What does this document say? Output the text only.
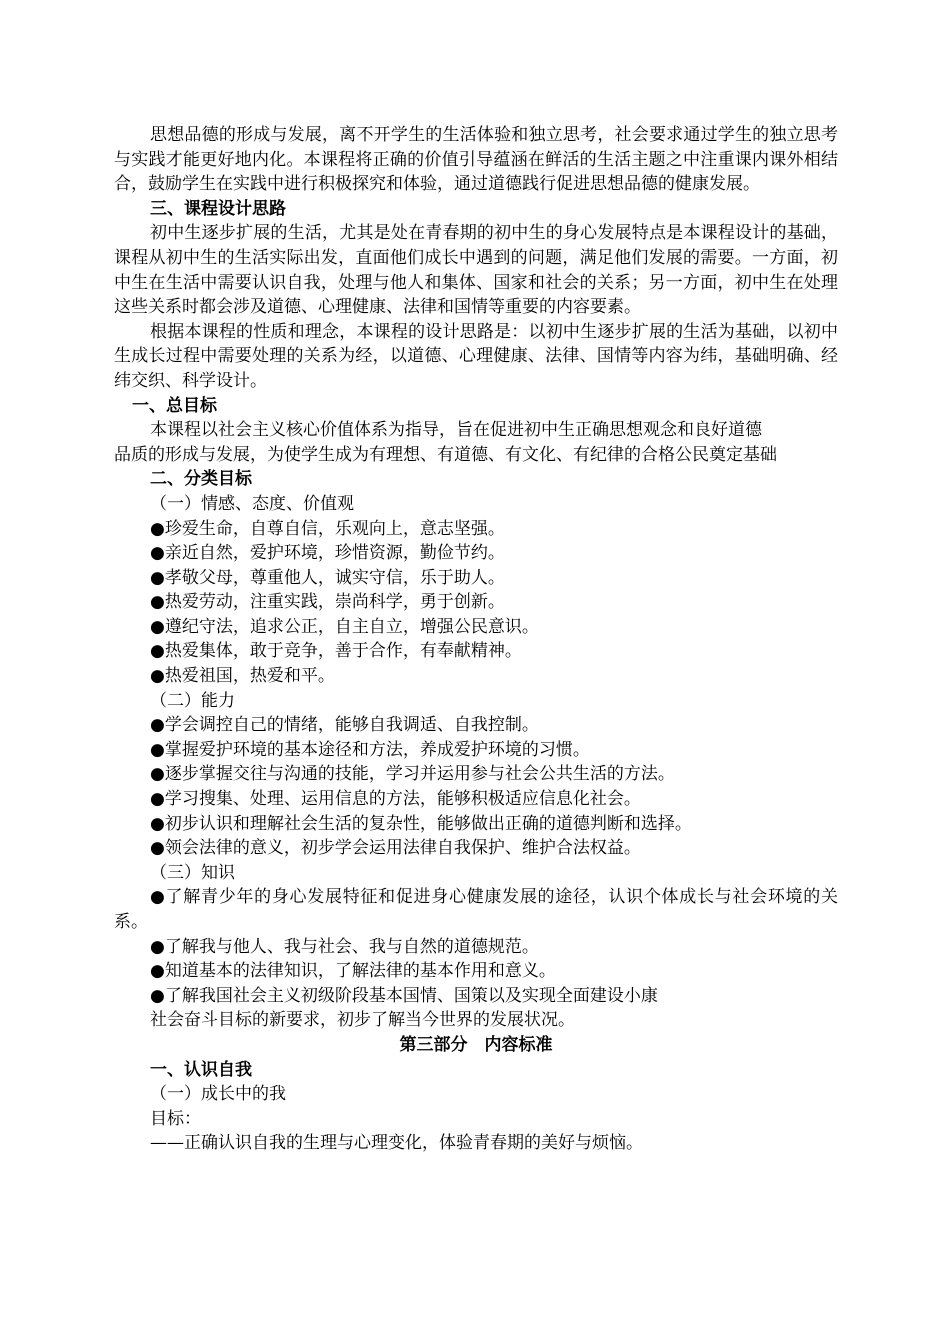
思想品德的形成与发展，离不开学生的生活体验和独立思考，社会要求通过学生的独立思考与实践才能更好地内化。本课程将正确的价值引导蕴涵在鲜活的生活主题之中注重课内课外相结合，鼓励学生在实践中进行积极探究和体验，通过道德践行促进思想品德的健康发展。

三、课程设计思路

初中生逐步扩展的生活，尤其是处在青春期的初中生的身心发展特点是本课程设计的基础，课程从初中生的生活实际出发，直面他们成长中遇到的问题，满足他们发展的需要。一方面，初中生在生活中需要认识自我，处理与他人和集体、国家和社会的关系；另一方面，初中生在处理这些关系时都会涉及道德、心理健康、法律和国情等重要的内容要素。

根据本课程的性质和理念，本课程的设计思路是：以初中生逐步扩展的生活为基础，以初中生成长过程中需要处理的关系为经，以道德、心理健康、法律、国情等内容为纬，基础明确、经纬交织、科学设计。

一、总目标

本课程以社会主义核心价值体系为指导，旨在促进初中生正确思想观念和良好道德

品质的形成与发展，为使学生成为有理想、有道德、有文化、有纪律的合格公民奠定基础

二、分类目标

（一）情感、态度、价值观

●珍爱生命，自尊自信，乐观向上，意志坚强。

●亲近自然，爱护环境，珍惜资源，勤俭节约。

●孝敬父母，尊重他人，诚实守信，乐于助人。

●热爱劳动，注重实践，崇尚科学，勇于创新。

●遵纪守法，追求公正，自主自立，增强公民意识。

●热爱集体，敢于竞争，善于合作，有奉献精神。

●热爱祖国，热爱和平。

（二）能力

●学会调控自己的情绪，能够自我调适、自我控制。

●掌握爱护环境的基本途径和方法，养成爱护环境的习惯。

●逐步掌握交往与沟通的技能，学习并运用参与社会公共生活的方法。

●学习搜集、处理、运用信息的方法，能够积极适应信息化社会。

●初步认识和理解社会生活的复杂性，能够做出正确的道德判断和选择。

●领会法律的意义，初步学会运用法律自我保护、维护合法权益。

（三）知识

●了解青少年的身心发展特征和促进身心健康发展的途径，认识个体成长与社会环境的关系。

●了解我与他人、我与社会、我与自然的道德规范。

●知道基本的法律知识，了解法律的基本作用和意义。

●了解我国社会主义初级阶段基本国情、国策以及实现全面建设小康

社会奋斗目标的新要求，初步了解当今世界的发展状况。

第三部分　内容标准

一、认识自我

（一）成长中的我

目标：

——正确认识自我的生理与心理变化，体验青春期的美好与烦恼。
